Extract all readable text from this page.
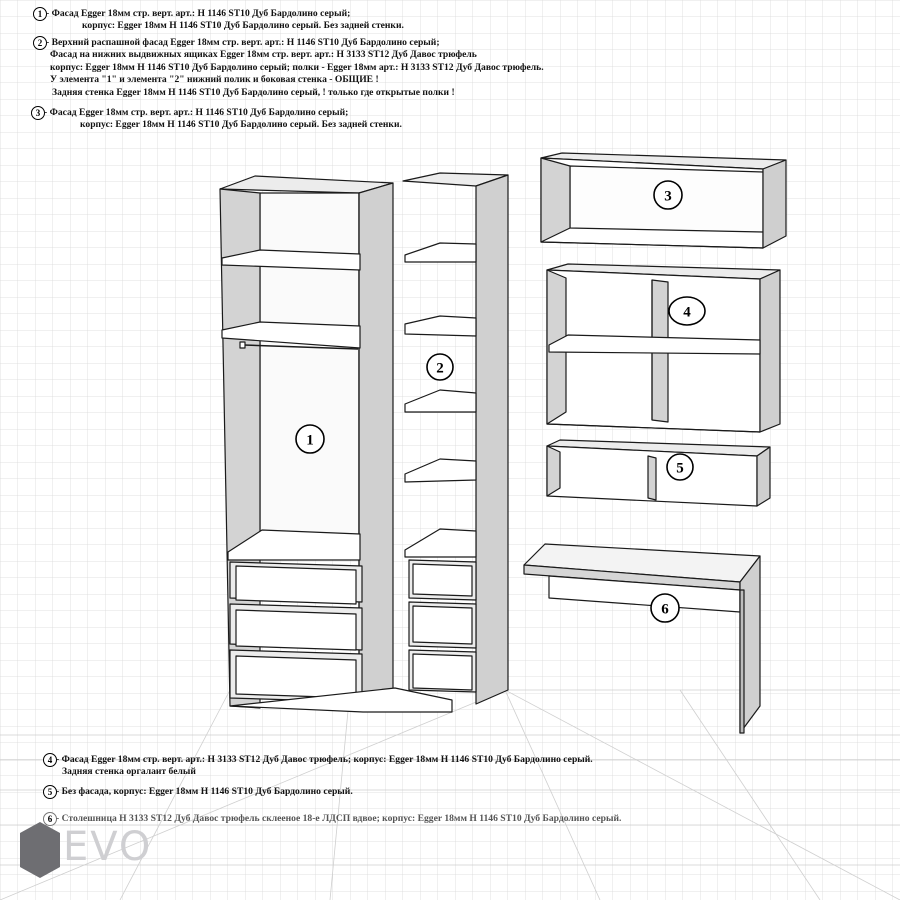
1
2
3
4
5
6
1
2
3
4
5
6
EVO
- Фасад Egger 18мм стр. верт. арт.: Н 1146 ST10 Дуб Бардолино серый;
корпус: Egger 18мм Н 1146 ST10 Дуб Бардолино серый. Без задней стенки.
- Верхний распашной фасад Egger 18мм стр. верт. арт.: Н 1146 ST10 Дуб Бардолино серый;
Фасад на нижних выдвижных ящиках Egger 18мм стр. верт. арт.: Н 3133 ST12 Дуб Давос трюфель
корпус: Egger 18мм Н 1146 ST10 Дуб Бардолино серый; полки - Egger 18мм арт.: Н 3133 ST12 Дуб Давос трюфель.
У элемента "1" и элемента "2" нижний полик и боковая стенка - ОБЩИЕ !
Задняя стенка Egger 18мм Н 1146 ST10 Дуб Бардолино серый, ! только где открытые полки !
- Фасад Egger 18мм стр. верт. арт.: Н 1146 ST10 Дуб Бардолино серый;
корпус: Egger 18мм Н 1146 ST10 Дуб Бардолино серый. Без задней стенки.
- Фасад Egger 18мм стр. верт. арт.: Н 3133 ST12 Дуб Давос трюфель; корпус: Egger 18мм Н 1146 ST10 Дуб Бардолино серый.
Задняя стенка оргалаит белый
- Без фасада, корпус: Egger 18мм Н 1146 ST10 Дуб Бардолино серый.
- Столешница Н 3133 ST12 Дуб Давос трюфель склееное 18-е ЛДСП вдвое; корпус: Egger 18мм Н 1146 ST10 Дуб Бардолино серый.
